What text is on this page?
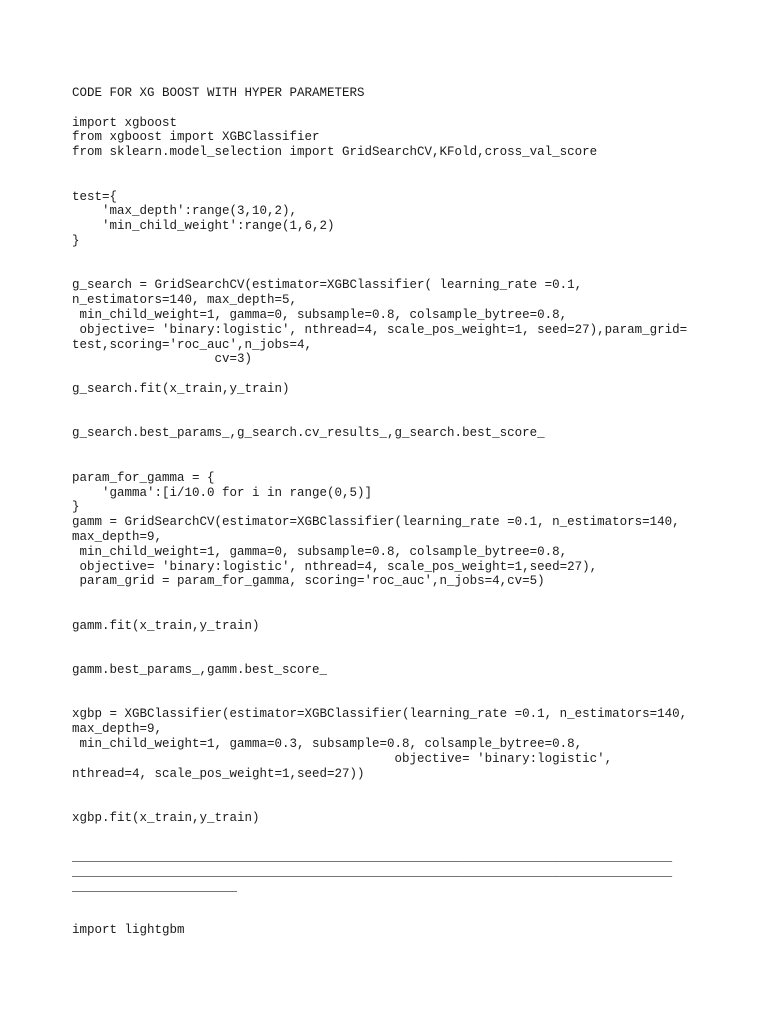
CODE FOR XG BOOST WITH HYPER PARAMETERS
import xgboost
from xgboost import XGBClassifier
from sklearn.model_selection import GridSearchCV,KFold,cross_val_score
test={
'max_depth':range(3,10,2),
'min_child_weight':range(1,6,2)
}
g_search = GridSearchCV(estimator=XGBClassifier( learning_rate =0.1,
n_estimators=140, max_depth=5,
min_child_weight=1, gamma=0, subsample=0.8, colsample_bytree=0.8,
objective= 'binary:logistic', nthread=4, scale_pos_weight=1, seed=27),param_grid=
test,scoring='roc_auc',n_jobs=4,
cv=3)
g_search.fit(x_train,y_train)
g_search.best_params_,g_search.cv_results_,g_search.best_score_
param_for_gamma = {
'gamma':[i/10.0 for i in range(0,5)]
}
gamm = GridSearchCV(estimator=XGBClassifier(learning_rate =0.1, n_estimators=140,
max_depth=9,
min_child_weight=1, gamma=0, subsample=0.8, colsample_bytree=0.8,
objective= 'binary:logistic', nthread=4, scale_pos_weight=1,seed=27),
param_grid = param_for_gamma, scoring='roc_auc',n_jobs=4,cv=5)
gamm.fit(x_train,y_train)
gamm.best_params_,gamm.best_score_
xgbp = XGBClassifier(estimator=XGBClassifier(learning_rate =0.1, n_estimators=140,
max_depth=9,
min_child_weight=1, gamma=0.3, subsample=0.8, colsample_bytree=0.8,
objective= 'binary:logistic',
nthread=4, scale_pos_weight=1,seed=27))
xgbp.fit(x_train,y_train)
________________________________________________________________________________
________________________________________________________________________________
______________________
import lightgbm
